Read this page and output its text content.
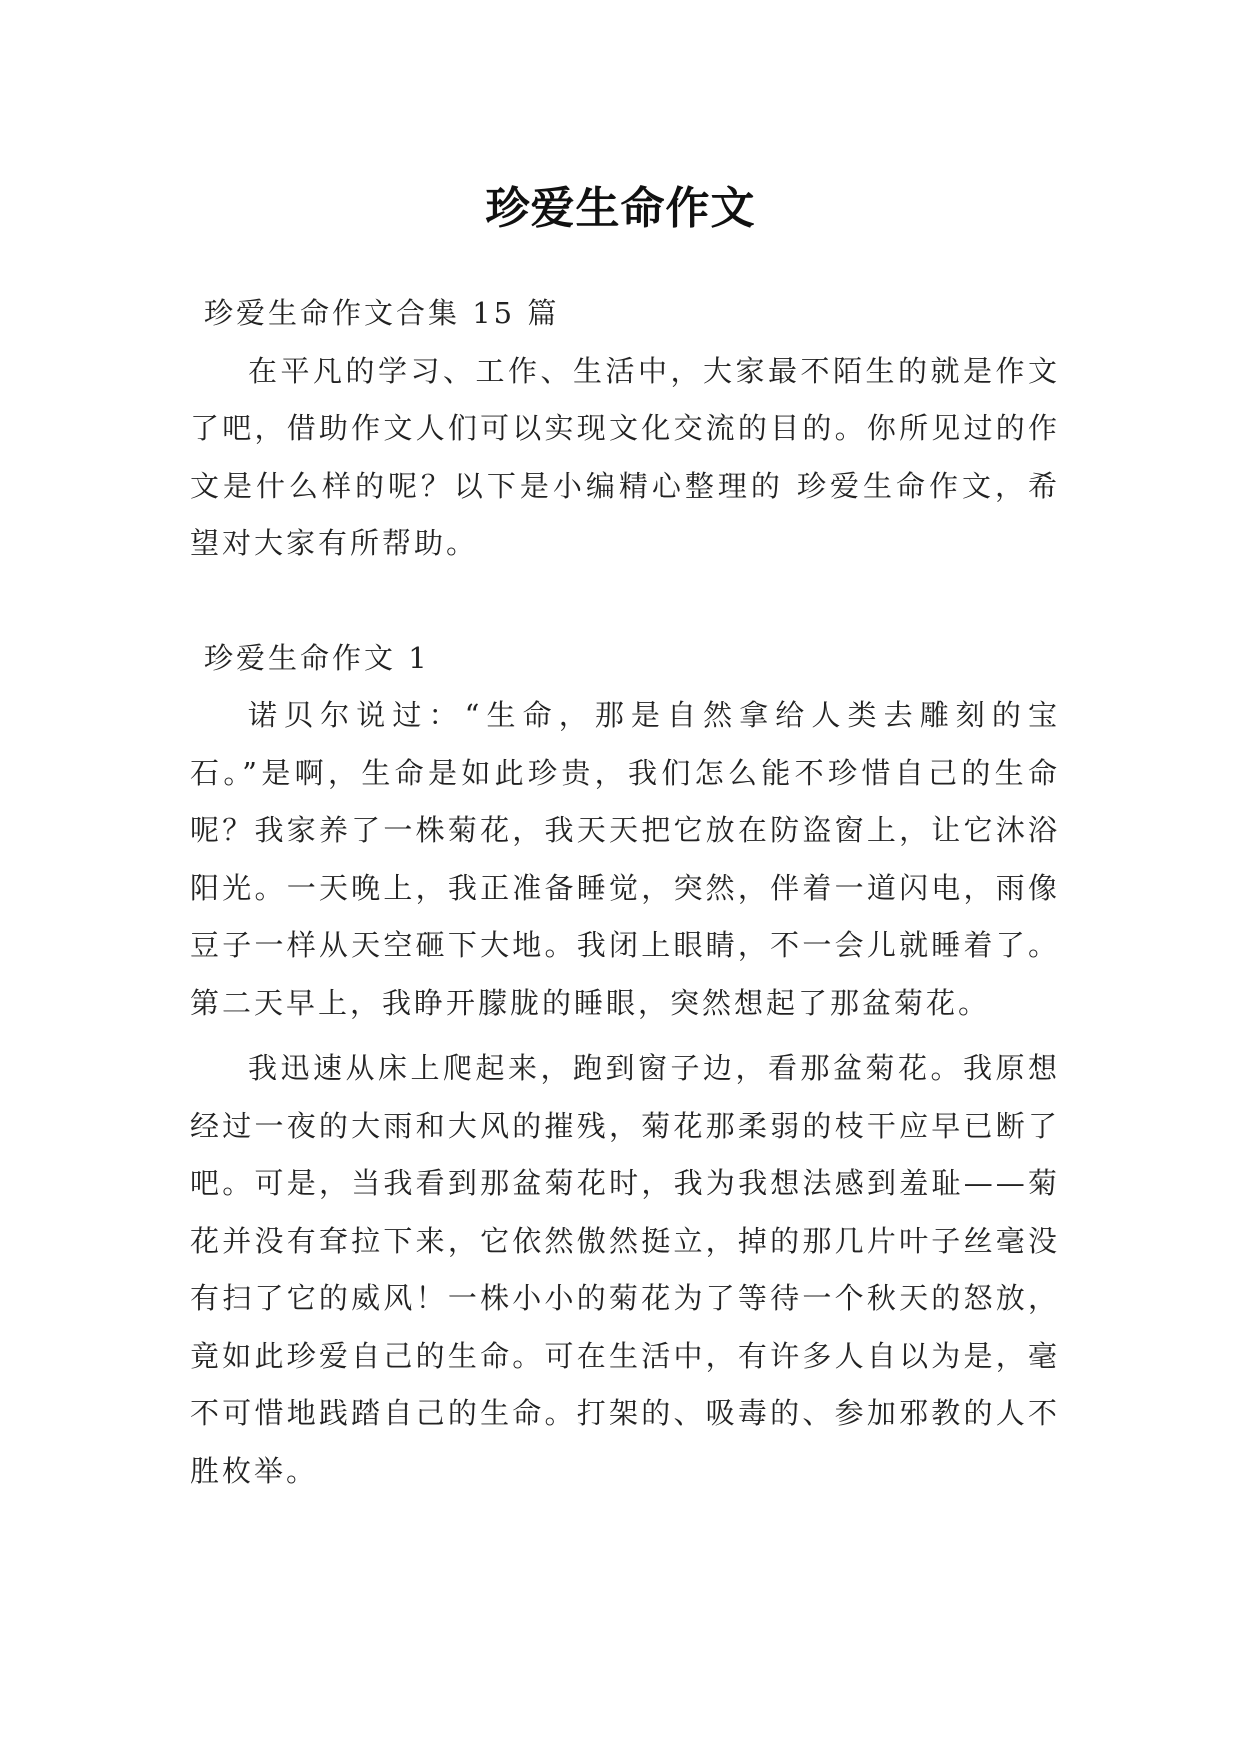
珍爱生命作文

珍爱生命作文合集 15 篇

在平凡的学习、工作、生活中，大家最不陌生的就是作文了吧，借助作文人们可以实现文化交流的目的。你所见过的作文是什么样的呢？以下是小编精心整理的 珍爱生命作文，希望对大家有所帮助。

珍爱生命作文 1

诺贝尔说过：“生命，那是自然拿给人类去雕刻的宝石。”是啊，生命是如此珍贵，我们怎么能不珍惜自己的生命呢？我家养了一株菊花，我天天把它放在防盗窗上，让它沐浴阳光。一天晚上，我正准备睡觉，突然，伴着一道闪电，雨像豆子一样从天空砸下大地。我闭上眼睛，不一会儿就睡着了。第二天早上，我睁开朦胧的睡眼，突然想起了那盆菊花。

我迅速从床上爬起来，跑到窗子边，看那盆菊花。我原想经过一夜的大雨和大风的摧残，菊花那柔弱的枝干应早已断了吧。可是，当我看到那盆菊花时，我为我想法感到羞耻——菊花并没有耷拉下来，它依然傲然挺立，掉的那几片叶子丝毫没有扫了它的威风！一株小小的菊花为了等待一个秋天的怒放，竟如此珍爱自己的生命。可在生活中，有许多人自以为是，毫不可惜地践踏自己的生命。打架的、吸毒的、参加邪教的人不胜枚举。
